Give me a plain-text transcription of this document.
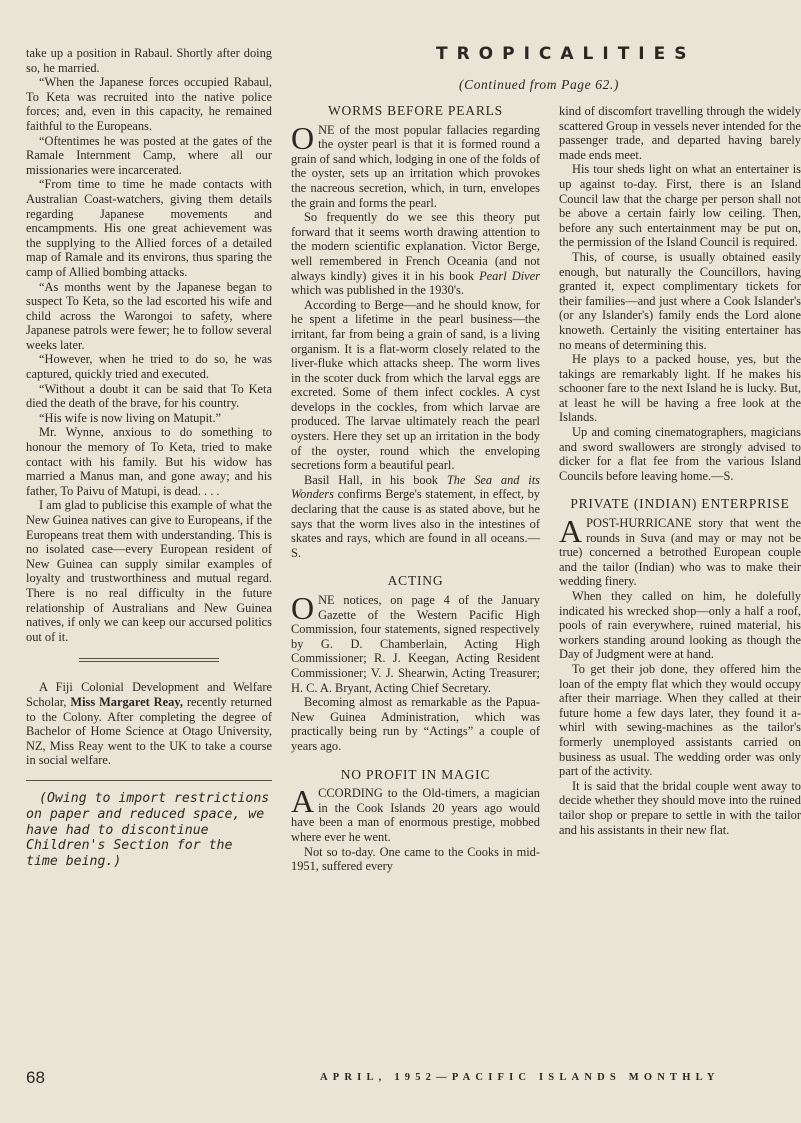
TROPICALITIES
(Continued from Page 62.)

take up a position in Rabaul. Shortly after doing so, he married.

“When the Japanese forces occupied Rabaul, To Keta was recruited into the native police forces; and, even in this capacity, he remained faithful to the Europeans.

“Oftentimes he was posted at the gates of the Ramale Internment Camp, where all our missionaries were incarcerated.

“From time to time he made contacts with Australian Coast-watchers, giving them details regarding Japanese movements and encampments. His one great achievement was the supplying to the Allied forces of a detailed map of Ramale and its environs, thus sparing the camp of Allied bombing attacks.

“As months went by the Japanese began to suspect To Keta, so the lad escorted his wife and child across the Warongoi to safety, where Japanese patrols were fewer; he to follow several weeks later.

“However, when he tried to do so, he was captured, quickly tried and executed.

“Without a doubt it can be said that To Keta died the death of the brave, for his country.

“His wife is now living on Matupit.”

Mr. Wynne, anxious to do something to honour the memory of To Keta, tried to make contact with his family. But his widow has married a Manus man, and gone away; and his father, To Paivu of Matupi, is dead. . . .

I am glad to publicise this example of what the New Guinea natives can give to Europeans, if the Europeans treat them with understanding. This is no isolated case—every European resident of New Guinea can supply similar examples of loyalty and trustworthiness and mutual regard. There is no real difficulty in the future relationship of Australians and New Guinea natives, if only we can keep our accursed politics out of it.

A Fiji Colonial Development and Welfare Scholar, Miss Margaret Reay, recently returned to the Colony. After completing the degree of Bachelor of Home Science at Otago University, NZ, Miss Reay went to the UK to take a course in social welfare.

(Owing to import restrictions on paper and reduced space, we have had to discontinue Children's Section for the time being.)

WORMS BEFORE PEARLS

ONE of the most popular fallacies regarding the oyster pearl is that it is formed round a grain of sand which, lodging in one of the folds of the oyster, sets up an irritation which provokes the nacreous secretion, which, in turn, envelopes the grain and forms the pearl.

So frequently do we see this theory put forward that it seems worth drawing attention to the modern scientific explanation. Victor Berge, well remembered in French Oceania (and not always kindly) gives it in his book Pearl Diver which was published in the 1930's.

According to Berge—and he should know, for he spent a lifetime in the pearl business—the irritant, far from being a grain of sand, is a living organism. It is a flat-worm closely related to the liver-fluke which attacks sheep. The worm lives in the scoter duck from which the larval eggs are excreted. Some of them infect cockles. A cyst develops in the cockles, from which larvae are produced. The larvae ultimately reach the pearl oysters. Here they set up an irritation in the body of the oyster, round which the enveloping secretions form a beautiful pearl.

Basil Hall, in his book The Sea and its Wonders confirms Berge's statement, in effect, by declaring that the cause is as stated above, but he says that the worm lives also in the intestines of skates and rays, which are found in all oceans.—S.

ACTING

ONE notices, on page 4 of the January Gazette of the Western Pacific High Commission, four statements, signed respectively by G. D. Chamberlain, Acting High Commissioner; R. J. Keegan, Acting Resident Commissioner; V. J. Shearwin, Acting Treasurer; H. C. A. Bryant, Acting Chief Secretary.

Becoming almost as remarkable as the Papua-New Guinea Administration, which was practically being run by “Actings” a couple of years ago.

NO PROFIT IN MAGIC

ACCORDING to the Old-timers, a magician in the Cook Islands 20 years ago would have been a man of enormous prestige, mobbed where ever he went.

Not so to-day. One came to the Cooks in mid-1951, suffered every

kind of discomfort travelling through the widely scattered Group in vessels never intended for the passenger trade, and departed having barely made ends meet.

His tour sheds light on what an entertainer is up against to-day. First, there is an Island Council law that the charge per person shall not be above a certain fairly low ceiling. Then, before any such entertainment may be put on, the permission of the Island Council is required.

This, of course, is usually obtained easily enough, but naturally the Councillors, having granted it, expect complimentary tickets for their families—and just where a Cook Islander's (or any Islander's) family ends the Lord alone knoweth. Certainly the visiting entertainer has no means of determining this.

He plays to a packed house, yes, but the takings are remarkably light. If he makes his schooner fare to the next Island he is lucky. But, at least he will be having a free look at the Islands.

Up and coming cinematographers, magicians and sword swallowers are strongly advised to dicker for a flat fee from the various Island Councils before leaving home.—S.

PRIVATE (INDIAN) ENTERPRISE

APOST-HURRICANE story that went the rounds in Suva (and may or may not be true) concerned a betrothed European couple and the tailor (Indian) who was to make their wedding finery.

When they called on him, he dolefully indicated his wrecked shop—only a half a roof, pools of rain everywhere, ruined material, his workers standing around looking as though the Day of Judgment were at hand.

To get their job done, they offered him the loan of the empty flat which they would occupy after their marriage. When they called at their future home a few days later, they found it a-whirl with sewing-machines as the tailor's formerly unemployed assistants carried on business as usual. The wedding order was only part of the activity.

It is said that the bridal couple went away to decide whether they should move into the ruined tailor shop or prepare to settle in with the tailor and his assistants in their new flat.

68	APRIL, 1952—PACIFIC ISLANDS MONTHLY
